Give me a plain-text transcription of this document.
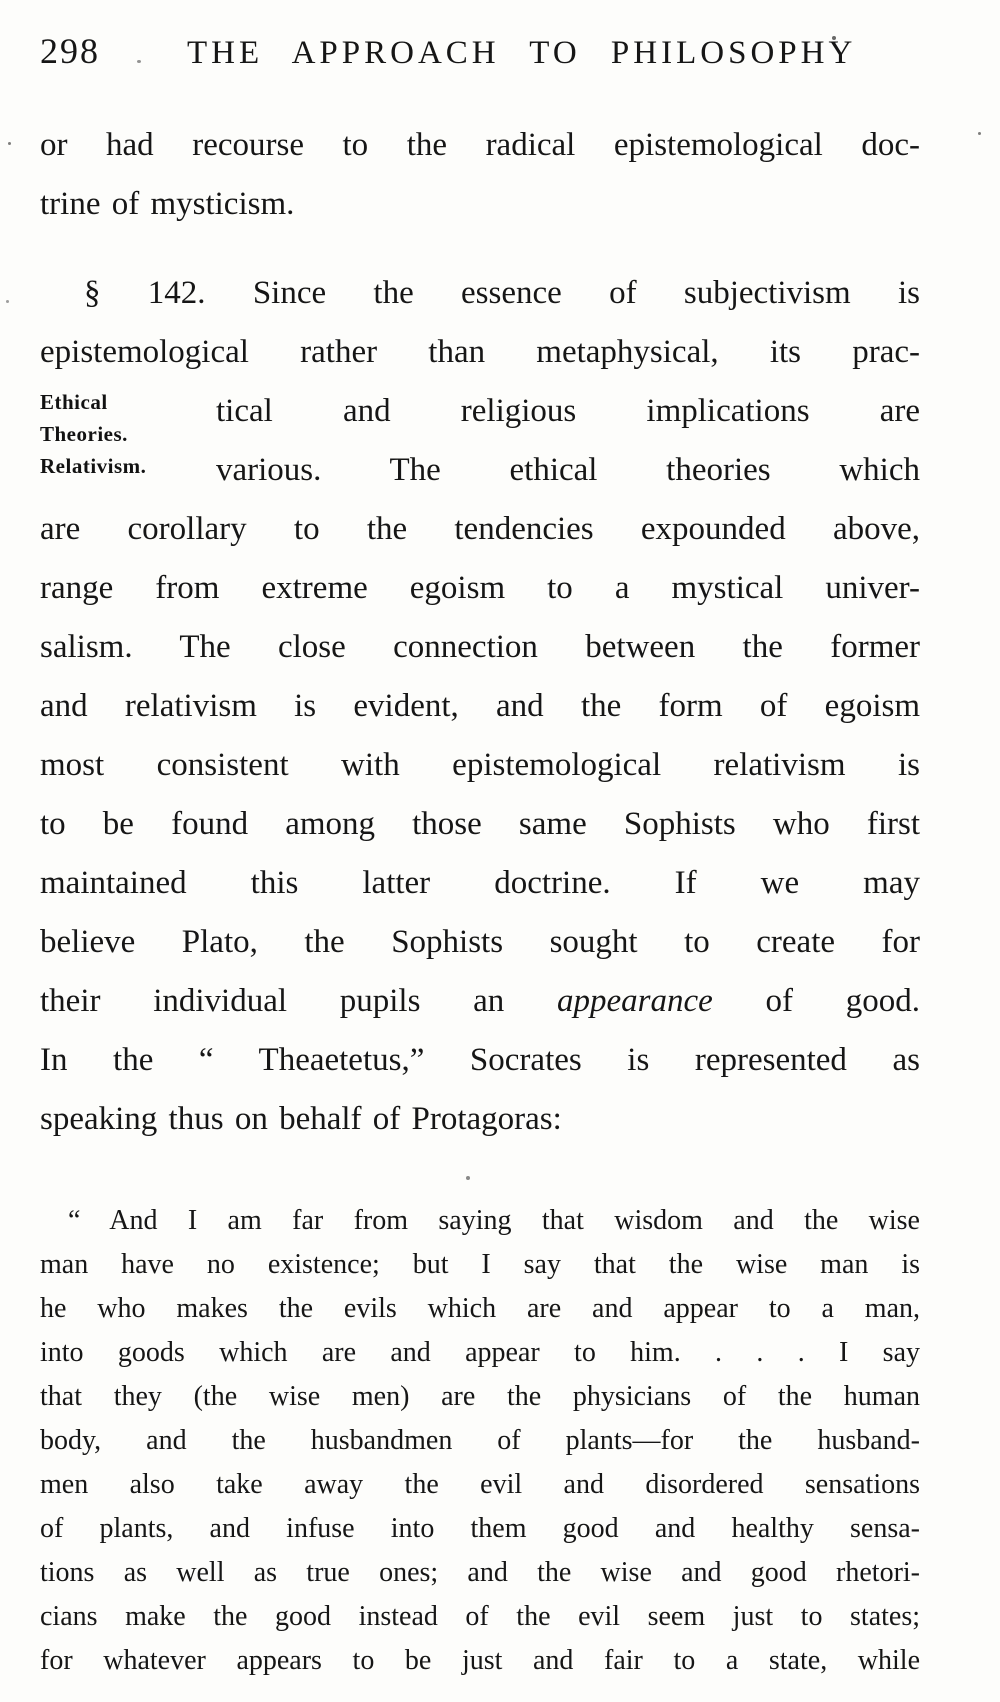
298	THE APPROACH TO PHILOSOPHY
or had recourse to the radical epistemological doc-
trine of mysticism.
Ethical
Theories.
Relativism.
§ 142. Since the essence of subjectivism is
epistemological rather than metaphysical, its prac-
tical and religious implications are
various. The ethical theories which
are corollary to the tendencies expounded above,
range from extreme egoism to a mystical univer-
salism. The close connection between the former
and relativism is evident, and the form of egoism
most consistent with epistemological relativism is
to be found among those same Sophists who first
maintained this latter doctrine. If we may
believe Plato, the Sophists sought to create for
their individual pupils an appearance of good.
In the “ Theaetetus,” Socrates is represented as
speaking thus on behalf of Protagoras:
“ And I am far from saying that wisdom and the wise
man have no existence; but I say that the wise man is
he who makes the evils which are and appear to a man,
into goods which are and appear to him. . . . I say
that they (the wise men) are the physicians of the human
body, and the husbandmen of plants—for the husband-
men also take away the evil and disordered sensations
of plants, and infuse into them good and healthy sensa-
tions as well as true ones; and the wise and good rhetori-
cians make the good instead of the evil seem just to states;
for whatever appears to be just and fair to a state, while
